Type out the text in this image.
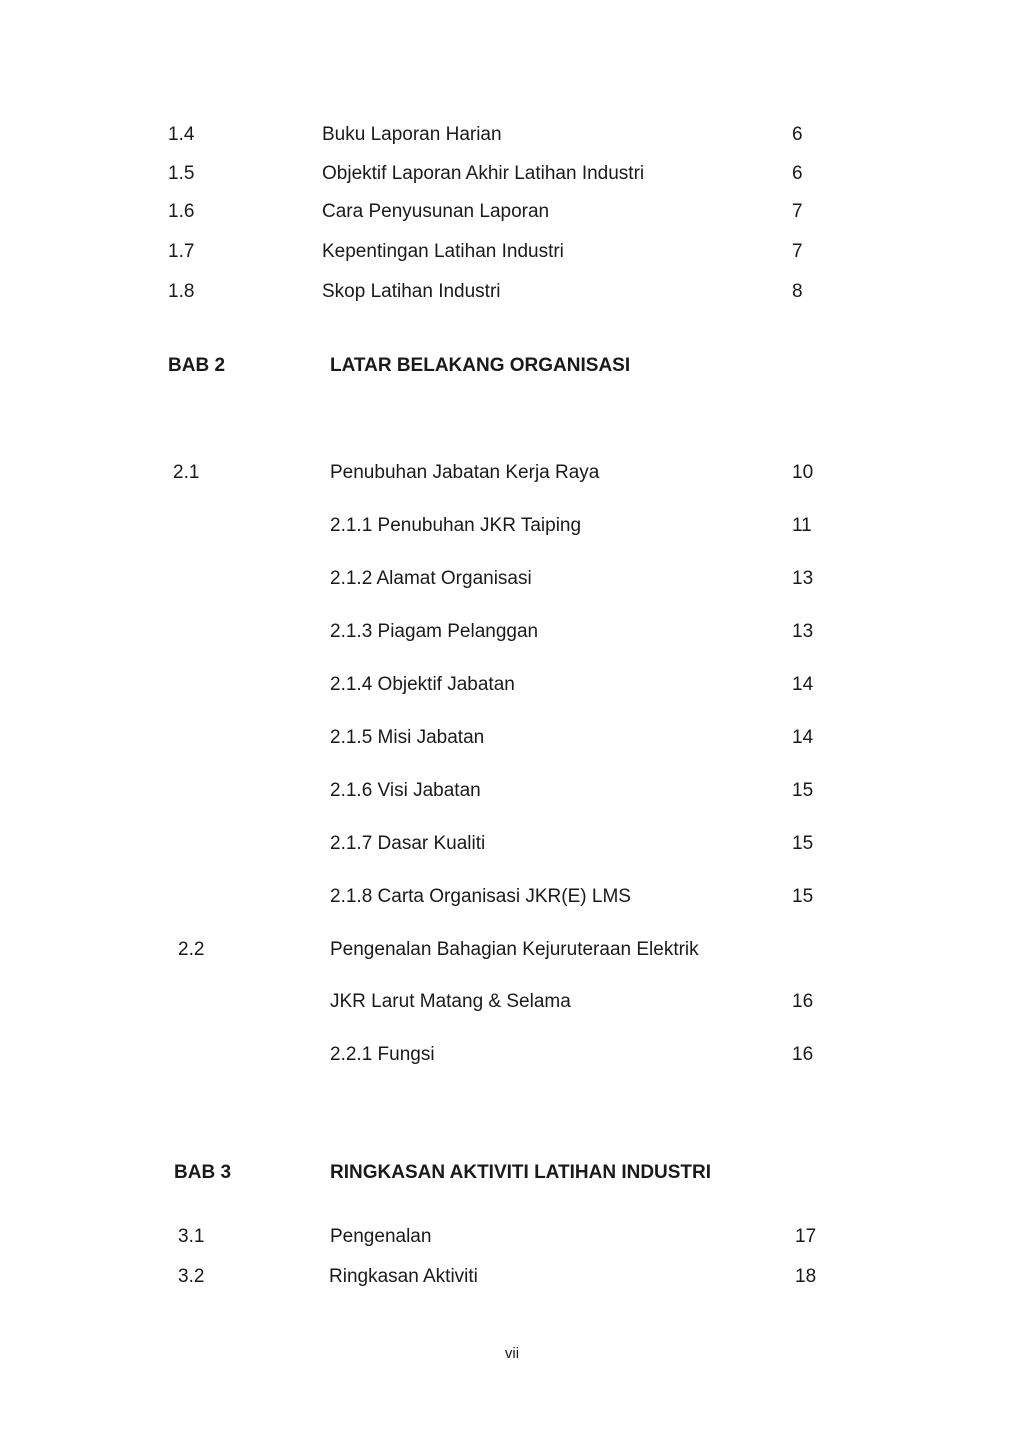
1.4	Buku Laporan Harian	6
1.5	Objektif Laporan Akhir Latihan Industri	6
1.6	Cara Penyusunan Laporan	7
1.7	Kepentingan Latihan Industri	7
1.8	Skop Latihan Industri	8
BAB 2	LATAR BELAKANG ORGANISASI
2.1	Penubuhan Jabatan Kerja Raya	10
2.1.1 Penubuhan JKR Taiping	11
2.1.2 Alamat Organisasi	13
2.1.3 Piagam Pelanggan	13
2.1.4 Objektif Jabatan	14
2.1.5 Misi Jabatan	14
2.1.6 Visi Jabatan	15
2.1.7 Dasar Kualiti	15
2.1.8 Carta Organisasi JKR(E) LMS	15
2.2	Pengenalan Bahagian Kejuruteraan Elektrik
JKR Larut Matang & Selama	16
2.2.1 Fungsi	16
BAB 3	RINGKASAN AKTIVITI LATIHAN INDUSTRI
3.1	Pengenalan	17
3.2	Ringkasan Aktiviti	18
vii
